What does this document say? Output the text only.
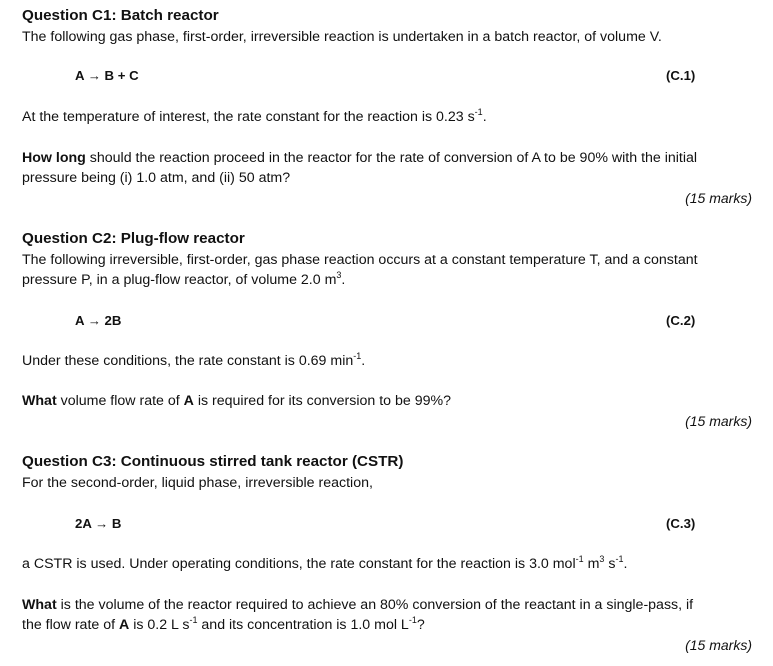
Question C1: Batch reactor
The following gas phase, first-order, irreversible reaction is undertaken in a batch reactor, of volume V.
A → B + C	(C.1)
At the temperature of interest, the rate constant for the reaction is 0.23 $s^{-1}$.
How long should the reaction proceed in the reactor for the rate of conversion of A to be 90% with the initial
pressure being (i) 1.0 atm, and (ii) 50 atm?
(15 marks)
Question C2: Plug-flow reactor
The following irreversible, first-order, gas phase reaction occurs at a constant temperature T, and a constant
pressure P, in a plug-flow reactor, of volume 2.0 $m^3$.
A → 2B	(C.2)
Under these conditions, the rate constant is 0.69 $\min^{-1}$.
What volume flow rate of A is required for its conversion to be 99%?
(15 marks)
Question C3: Continuous stirred tank reactor (CSTR)
For the second-order, liquid phase, irreversible reaction,
2A → B	(C.3)
a CSTR is used. Under operating conditions, the rate constant for the reaction is 3.0 mol$^{-1}$ $m^3$ $s^{-1}$.
What is the volume of the reactor required to achieve an 80% conversion of the reactant in a single-pass, if
the flow rate of A is 0.2 L $s^{-1}$ and its concentration is 1.0 mol $L^{-1}$?
(15 marks)
